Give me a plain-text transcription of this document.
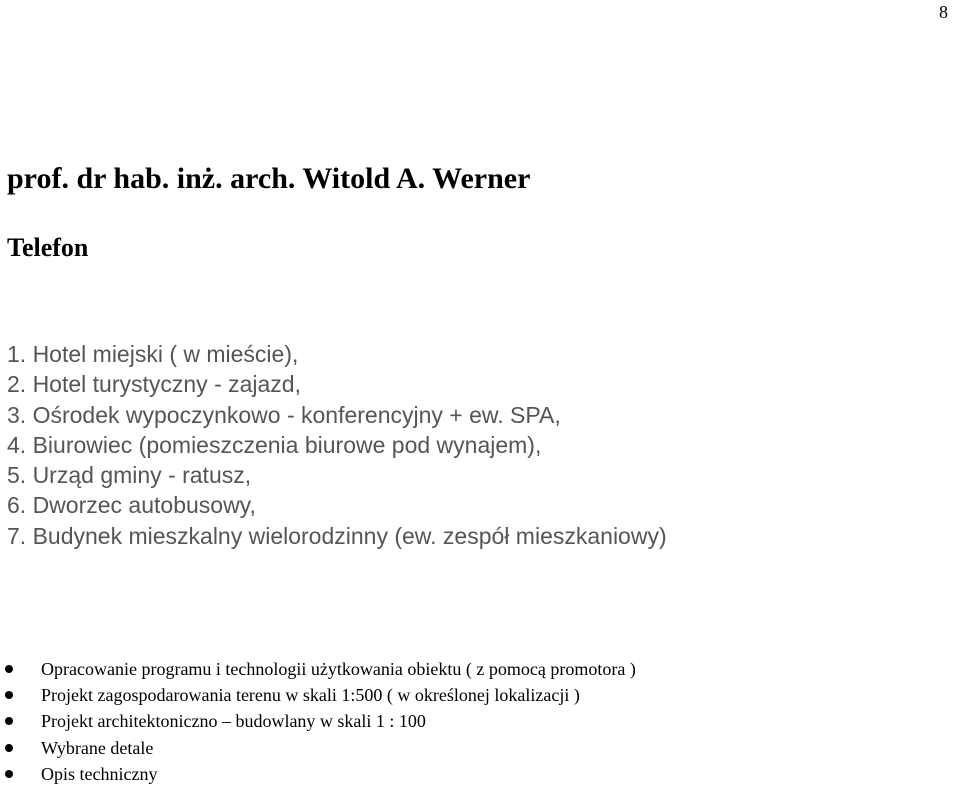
8
prof. dr hab. inż. arch. Witold A. Werner
Telefon
1. Hotel miejski ( w mieście),
2. Hotel turystyczny - zajazd,
3. Ośrodek wypoczynkowo - konferencyjny + ew. SPA,
4. Biurowiec (pomieszczenia biurowe pod wynajem),
5. Urząd gminy - ratusz,
6. Dworzec autobusowy,
7. Budynek mieszkalny wielorodzinny (ew. zespół mieszkaniowy)
Opracowanie programu i technologii użytkowania obiektu ( z pomocą promotora )
Projekt zagospodarowania terenu w skali 1:500 ( w określonej lokalizacji )
Projekt architektoniczno – budowlany w skali 1 : 100
Wybrane detale
Opis techniczny
